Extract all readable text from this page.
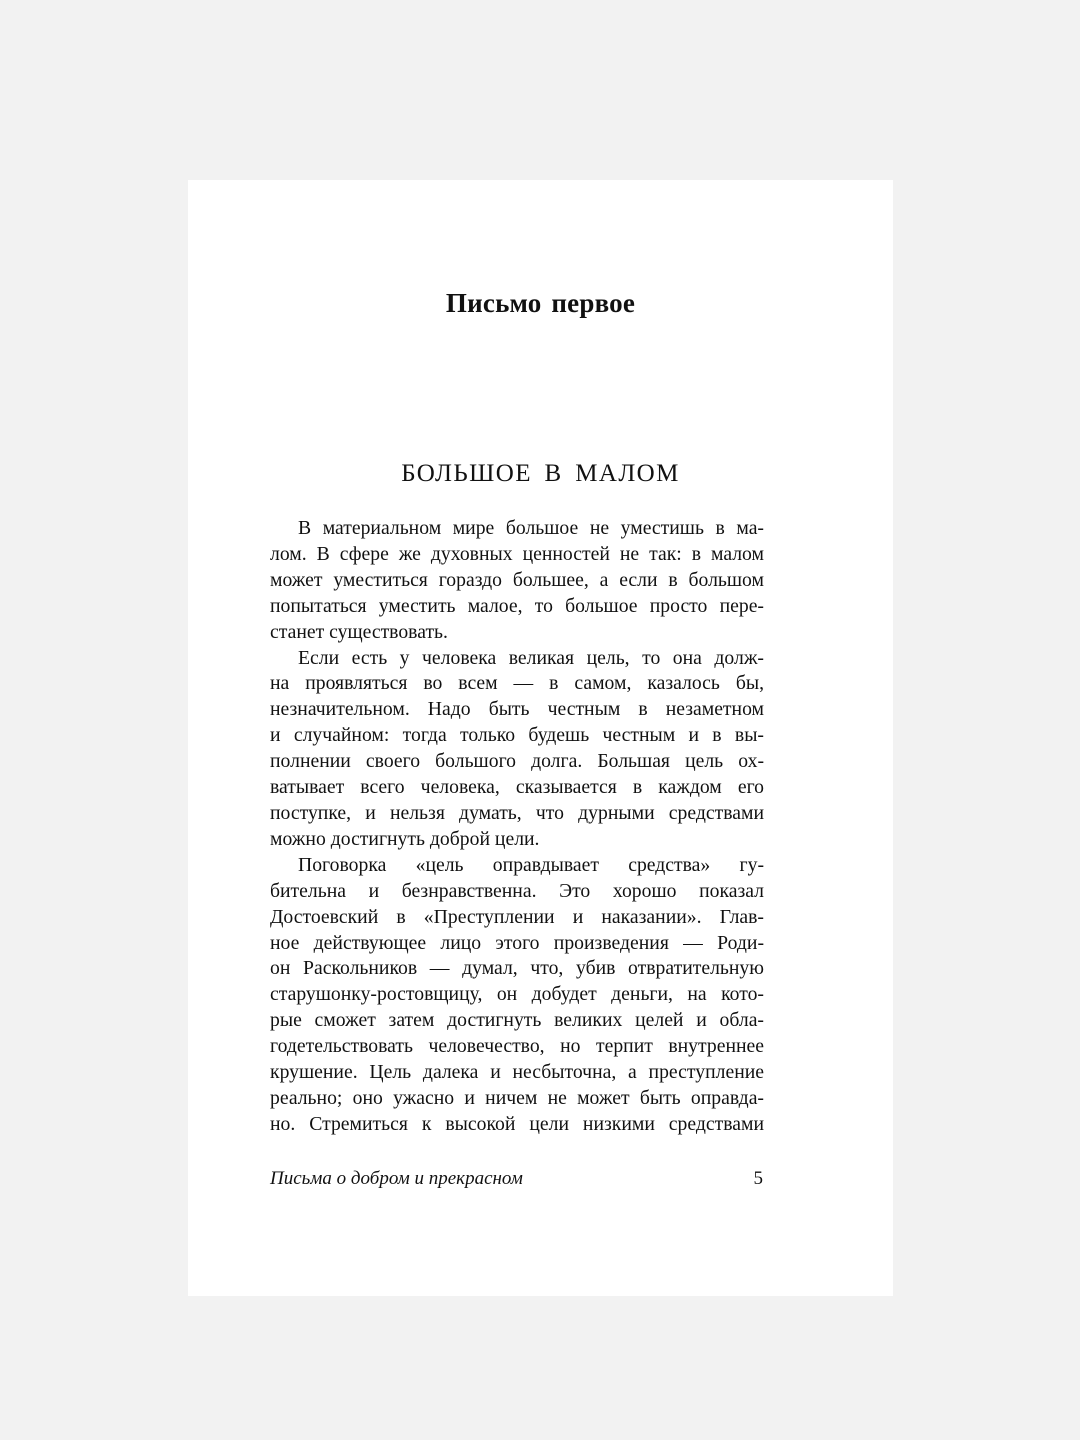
Письмо первое
БОЛЬШОЕ В МАЛОМ
В материальном мире большое не уместишь в ма-
лом. В сфере же духовных ценностей не так: в малом
может уместиться гораздо большее, а если в большом
попытаться уместить малое, то большое просто пере-
станет существовать.
Если есть у человека великая цель, то она долж-
на проявляться во всем — в самом, казалось бы,
незначительном. Надо быть честным в незаметном
и случайном: тогда только будешь честным и в вы-
полнении своего большого долга. Большая цель ох-
ватывает всего человека, сказывается в каждом его
поступке, и нельзя думать, что дурными средствами
можно достигнуть доброй цели.
Поговорка «цель оправдывает средства» гу-
бительна и безнравственна. Это хорошо показал
Достоевский в «Преступлении и наказании». Глав-
ное действующее лицо этого произведения — Роди-
он Раскольников — думал, что, убив отвратительную
старушонку-ростовщицу, он добудет деньги, на кото-
рые сможет затем достигнуть великих целей и обла-
годетельствовать человечество, но терпит внутреннее
крушение. Цель далека и несбыточна, а преступление
реально; оно ужасно и ничем не может быть оправда-
но. Стремиться к высокой цели низкими средствами
Письма о добром и прекрасном	5
